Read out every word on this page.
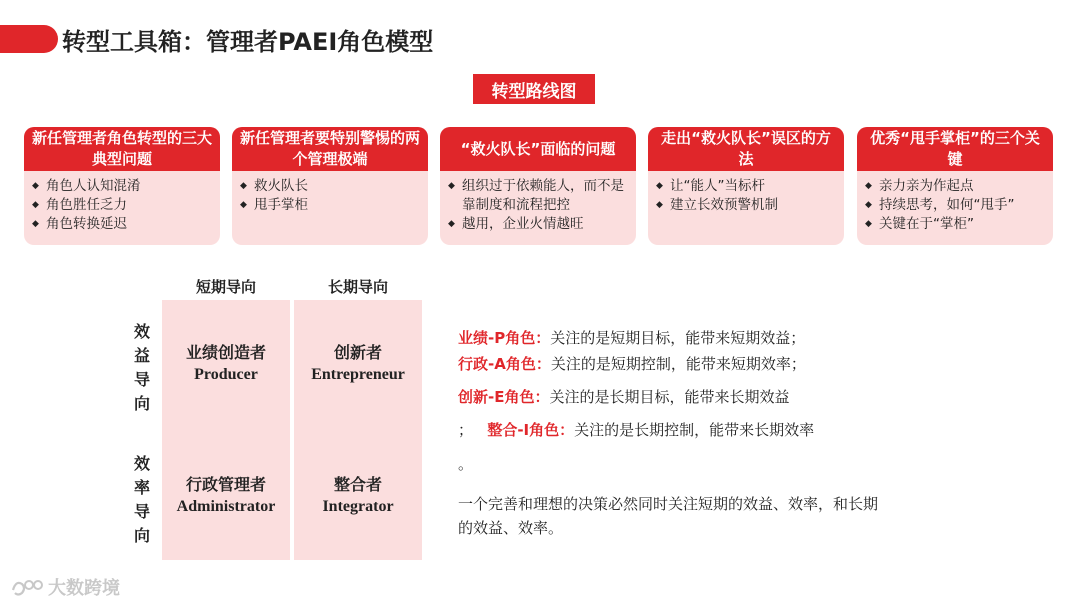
转型工具箱：管理者PAEI角色模型
转型路线图
新任管理者角色转型的三大典型问题
◆ 角色人认知混淆
◆ 角色胜任乏力
◆ 角色转换延迟
新任管理者要特别警惕的两个管理极端
◆ 救火队长
◆ 甩手掌柜
“救火队长”面临的问题
◆ 组织过于依赖能人，而不是靠制度和流程把控
◆ 越用，企业火情越旺
走出“救火队长”误区的方法
◆ 让“能人”当标杆
◆ 建立长效预警机制
优秀“甩手掌柜”的三个关键
◆ 亲力亲为作起点
◆ 持续思考，如何“甩手”
◆ 关键在于“掌柜”
短期导向	长期导向
效益导向
效率导向
业绩创造者
Producer
创新者
Entrepreneur
行政管理者
Administrator
整合者
Integrator
业绩-P角色：关注的是短期目标，能带来短期效益；
行政-A角色：关注的是短期控制，能带来短期效率；
创新-E角色：关注的是长期目标，能带来长期效益
； 整合-I角色：关注的是长期控制，能带来长期效率
。
一个完善和理想的决策必然同时关注短期的效益、效率，和长期的效益、效率。
大数跨境
